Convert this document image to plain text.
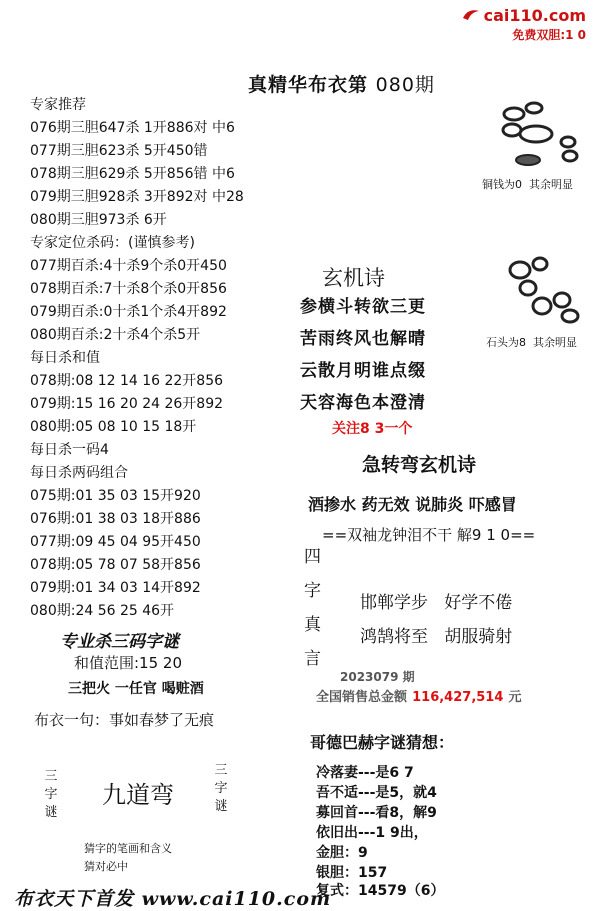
cai110.com
免费双胆:1 0
真精华布衣第 080期
专家推荐
076期三胆647杀 1开886对 中6
077期三胆623杀 5开450错
078期三胆629杀 5开856错 中6
079期三胆928杀 3开892对 中28
080期三胆973杀 6开
专家定位杀码：(谨慎参考)
077期百杀:4十杀9个杀0开450
078期百杀:7十杀8个杀0开856
079期百杀:0十杀1个杀4开892
080期百杀:2十杀4个杀5开
每日杀和值
078期:08 12 14 16 22开856
079期:15 16 20 24 26开892
080期:05 08 10 15 18开
每日杀一码4
每日杀两码组合
075期:01 35 03 15开920
076期:01 38 03 18开886
077期:09 45 04 95开450
078期:05 78 07 58开856
079期:01 34 03 14开892
080期:24 56 25 46开
专业杀三码字谜
和值范围:15 20
三把火 一任官 喝赃酒
布衣一句：事如春梦了无痕
三字谜
九道弯
三字谜
猜字的笔画和含义
猜对必中
铜钱为0 其余明显
石头为8 其余明显
玄机诗
参横斗转欲三更
苦雨终风也解晴
云散月明谁点缀
天容海色本澄清
关注8 3一个
急转弯玄机诗
酒掺水 药无效 说肺炎 吓感冒
==双袖龙钟泪不干 解9 1 0==
四
字
真
言
邯郸学步 好学不倦
鸿鹄将至 胡服骑射
2023079 期
全国销售总金额 116,427,514 元
哥德巴赫字谜猜想：
冷落妻---是6 7
吾不适---是5，就4
募回首---看8，解9
依旧出---1 9出，
金胆：9
银胆：157
复式：14579（6）
布衣天下首发 www.cai110.com
